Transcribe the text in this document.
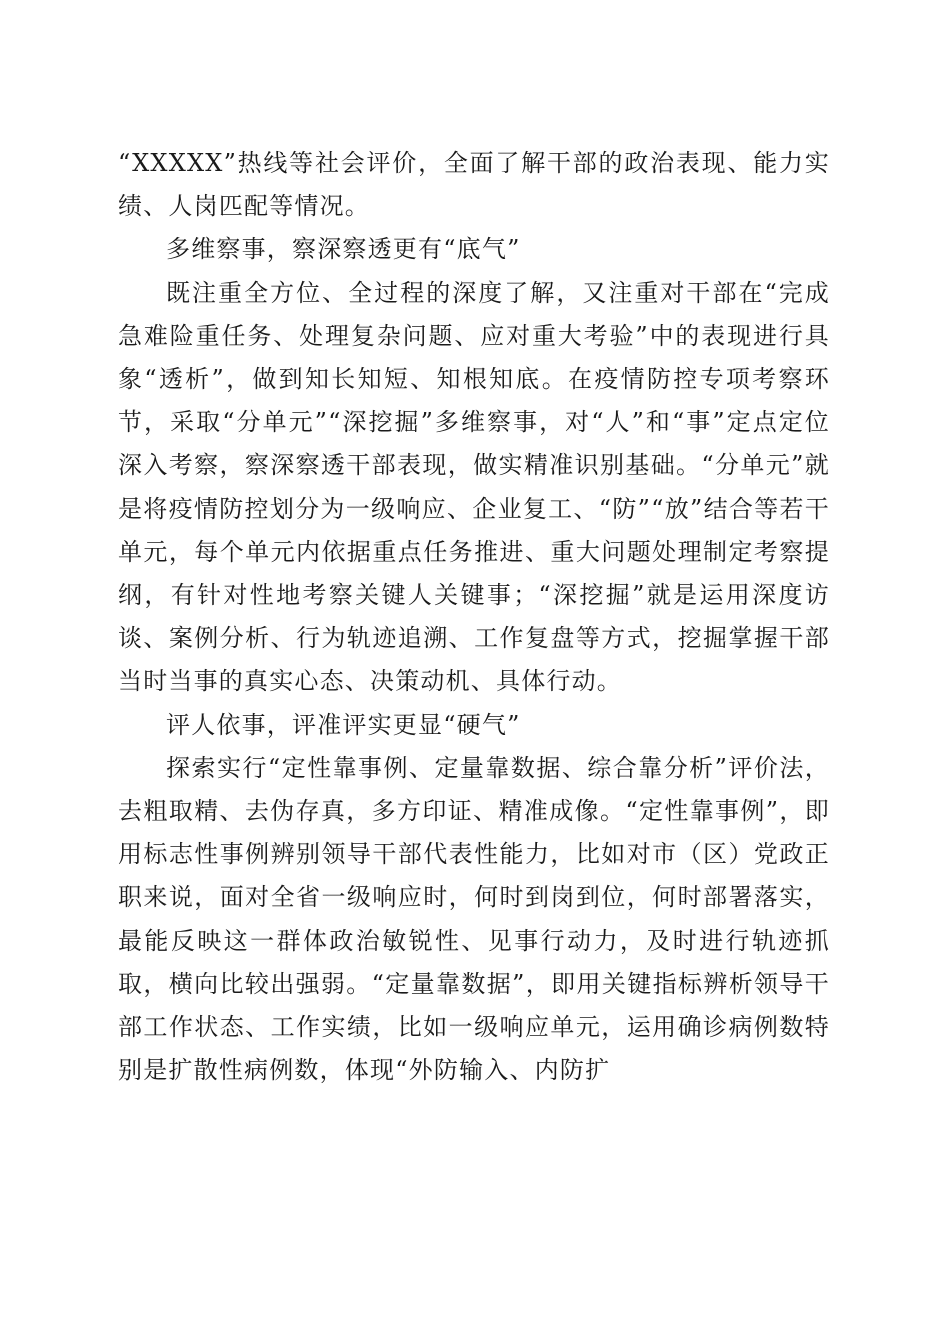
“XXXXX”热线等社会评价，全面了解干部的政治表现、能力实绩、人岗匹配等情况。

多维察事，察深察透更有“底气”

既注重全方位、全过程的深度了解，又注重对干部在“完成急难险重任务、处理复杂问题、应对重大考验”中的表现进行具象“透析”，做到知长知短、知根知底。在疫情防控专项考察环节，采取“分单元”“深挖掘”多维察事，对“人”和“事”定点定位深入考察，察深察透干部表现，做实精准识别基础。“分单元”就是将疫情防控划分为一级响应、企业复工、“防”“放”结合等若干单元，每个单元内依据重点任务推进、重大问题处理制定考察提纲，有针对性地考察关键人关键事；“深挖掘”就是运用深度访谈、案例分析、行为轨迹追溯、工作复盘等方式，挖掘掌握干部当时当事的真实心态、决策动机、具体行动。

评人依事，评准评实更显“硬气”

探索实行“定性靠事例、定量靠数据、综合靠分析”评价法，去粗取精、去伪存真，多方印证、精准成像。“定性靠事例”，即用标志性事例辨别领导干部代表性能力，比如对市（区）党政正职来说，面对全省一级响应时，何时到岗到位，何时部署落实，最能反映这一群体政治敏锐性、见事行动力，及时进行轨迹抓取，横向比较出强弱。“定量靠数据”，即用关键指标辨析领导干部工作状态、工作实绩，比如一级响应单元，运用确诊病例数特别是扩散性病例数，体现“外防输入、内防扩
